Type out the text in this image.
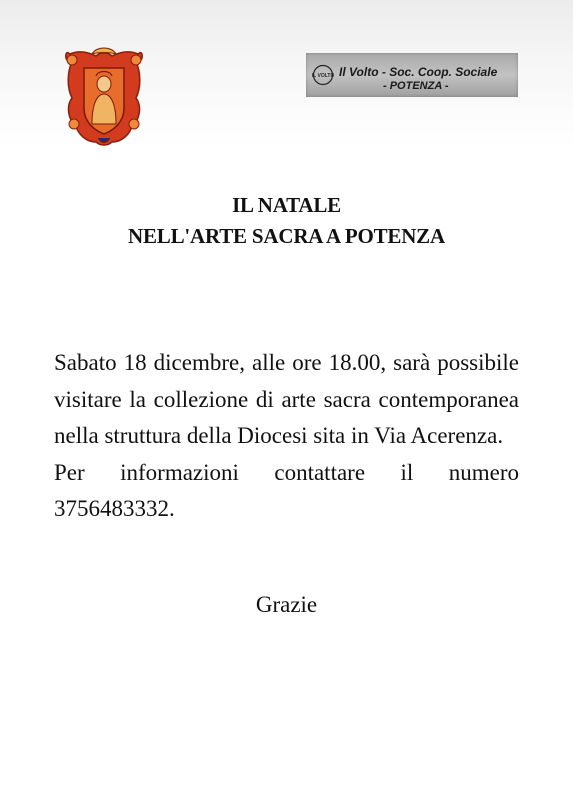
IL VOLTO Il Volto - Soc. Coop. Sociale
- POTENZA -
IL NATALE
NELL'ARTE SACRA A POTENZA

Sabato 18 dicembre, alle ore 18.00, sarà possibile visitare la collezione di arte sacra contemporanea nella struttura della Diocesi sita in Via Acerenza.

Per informazioni contattare il numero 3756483332.

Grazie
